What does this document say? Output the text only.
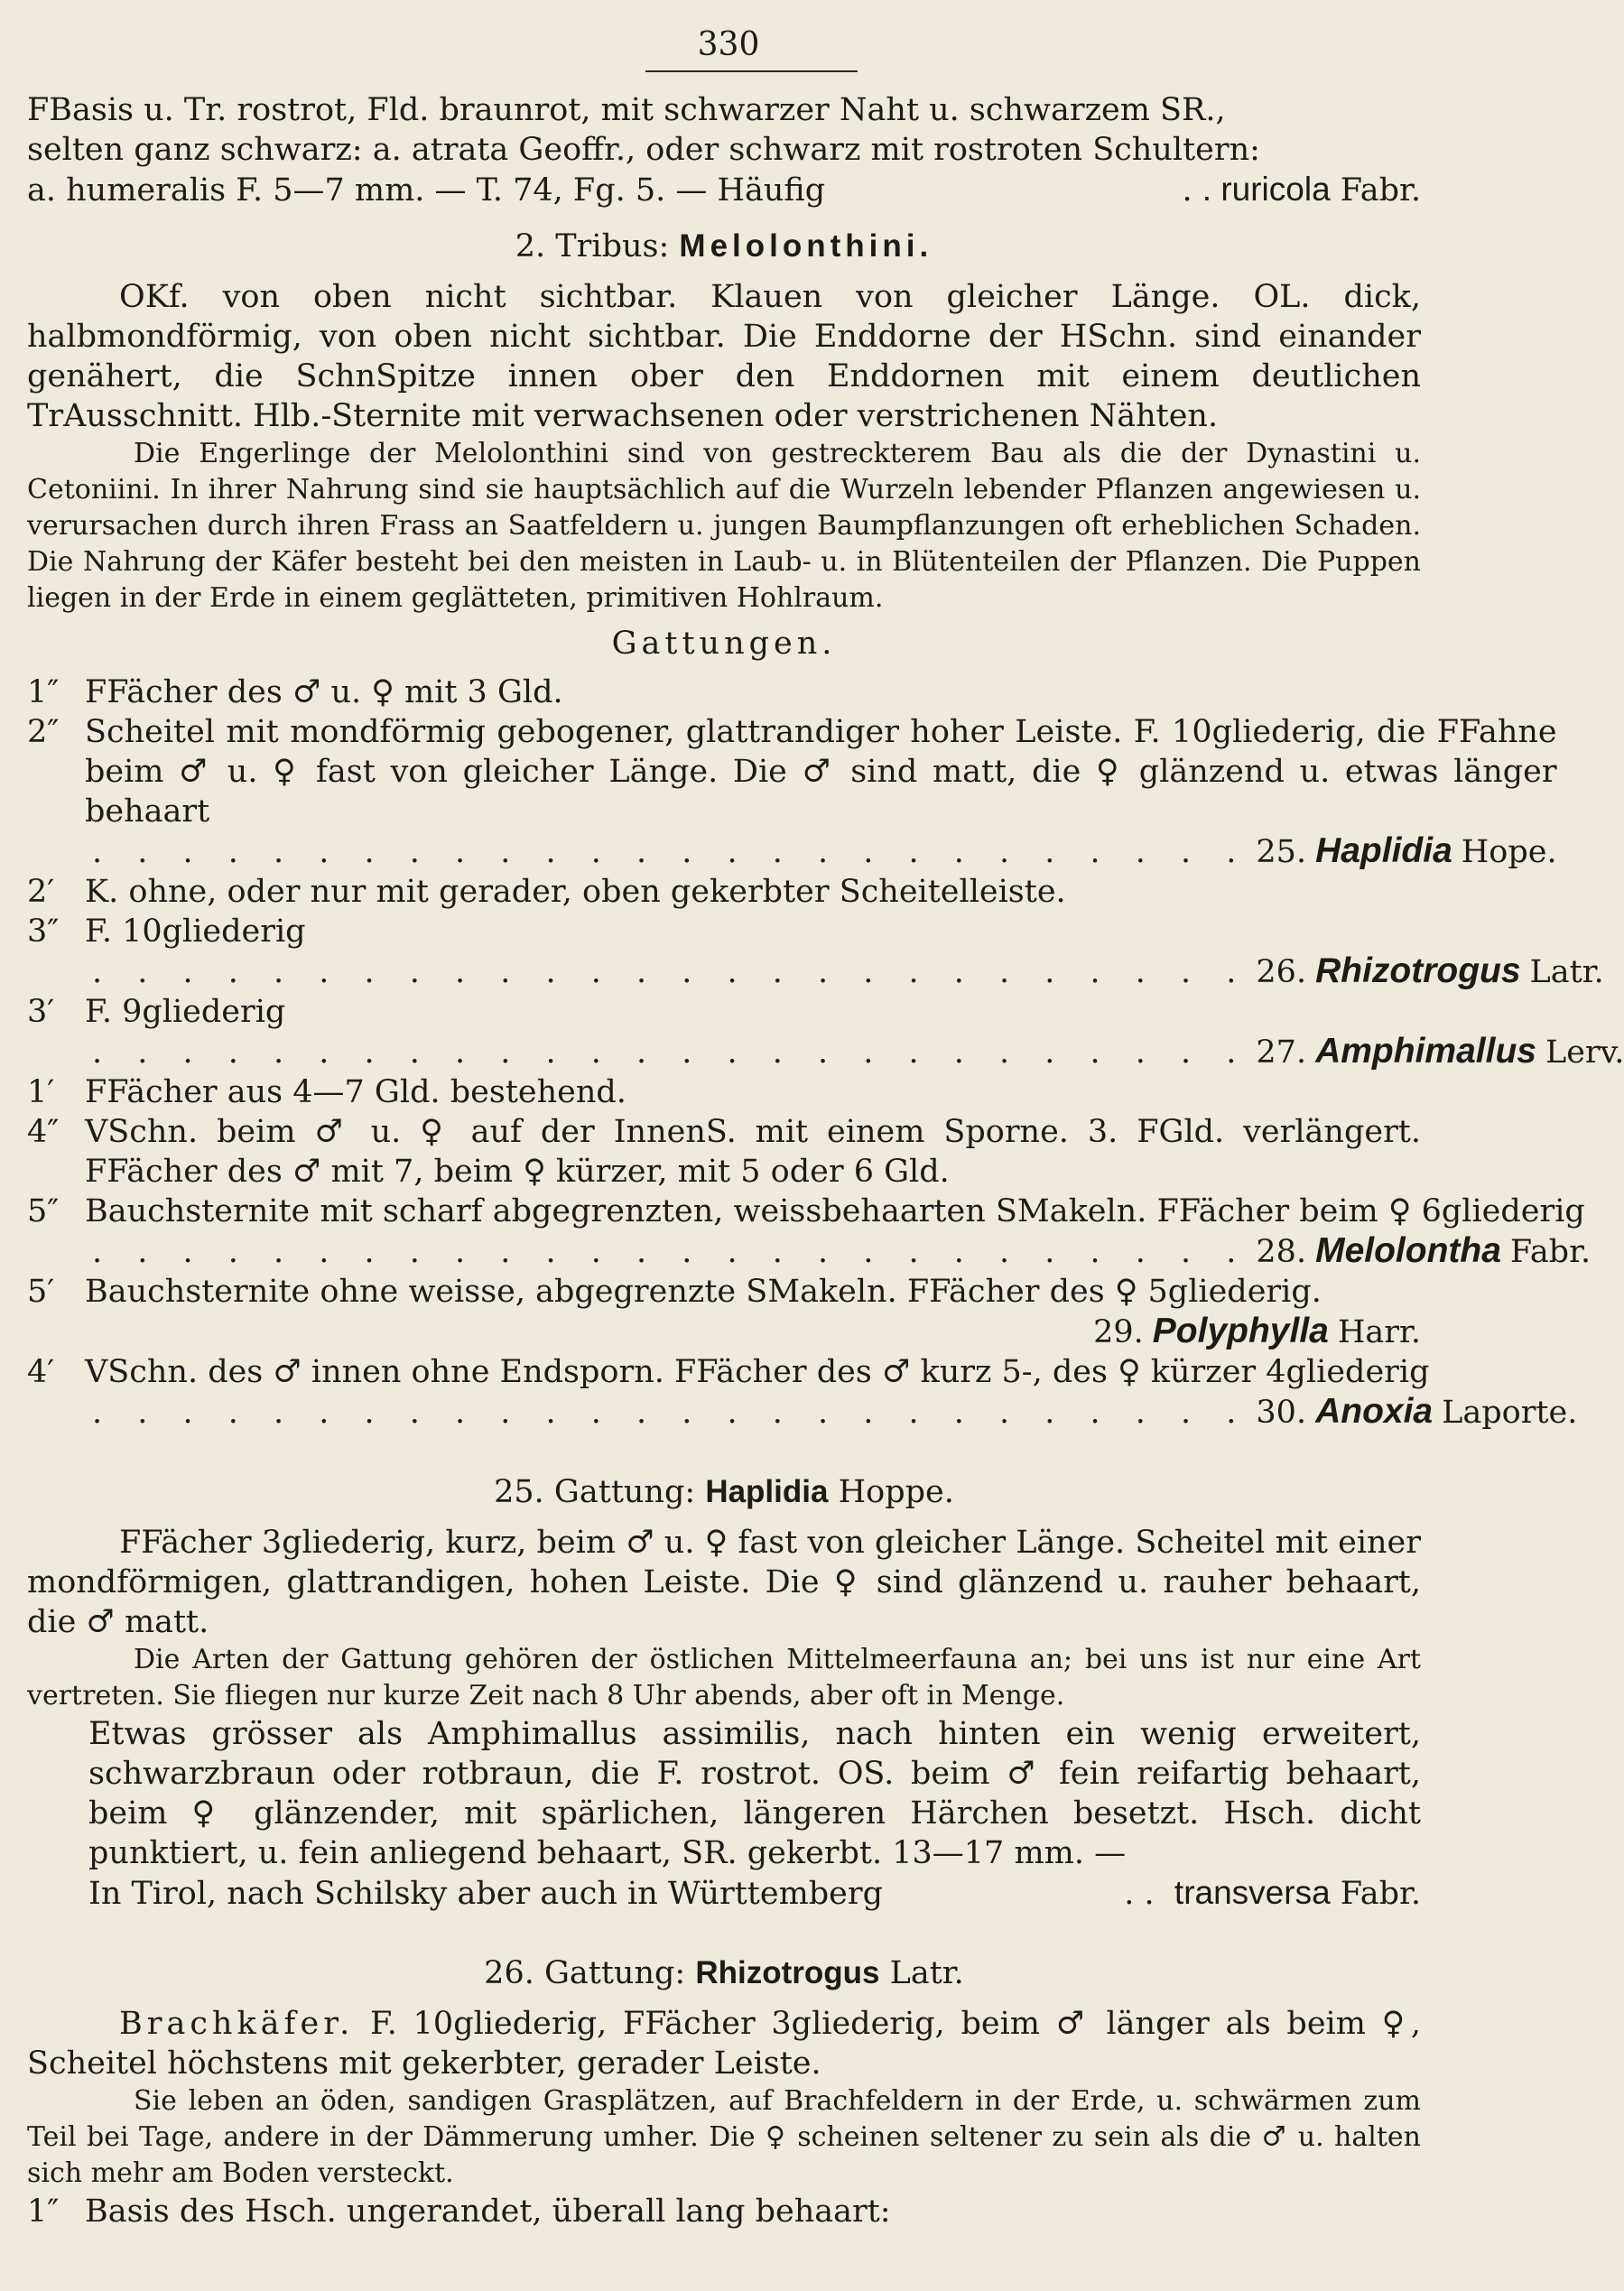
330
FBasis u. Tr. rostrot, Fld. braunrot, mit schwarzer Naht u. schwarzem SR.,
selten ganz schwarz: a. atrata Geoffr., oder schwarz mit rostroten Schultern:
a. humeralis F. 5—7 mm. — T. 74, Fg. 5. — Häufig	. . ruricola
Fabr.
2. Tribus: Melolonthini.
OKf. von oben nicht sichtbar. Klauen von gleicher Länge. OL. dick, halbmondförmig, von oben nicht sichtbar. Die Enddorne der HSchn. sind einander genähert, die SchnSpitze innen ober den Enddornen mit einem deutlichen TrAusschnitt. Hlb.-Sternite mit verwachsenen oder verstrichenen Nähten.
Die Engerlinge der Melolonthini sind von gestreckterem Bau als die der Dynastini u. Cetoniini. In ihrer Nahrung sind sie hauptsächlich auf die Wurzeln lebender Pflanzen angewiesen u. verursachen durch ihren Frass an Saatfeldern u. jungen Baumpflanzungen oft erheblichen Schaden. Die Nahrung der Käfer besteht bei den meisten in Laub- u. in Blütenteilen der Pflanzen. Die Puppen liegen in der Erde in einem geglätteten, primitiven Hohlraum.
Gattungen.
1″ FFächer des ♂ u. ♀ mit 3 Gld.
2″ Scheitel mit mondförmig gebogener, glattrandiger hoher Leiste. F. 10gliederig, die FFahne beim ♂ u. ♀ fast von gleicher Länge. Die ♂ sind matt, die ♀ glänzend u. etwas länger behaart
. . . . . . . . . . . . . . . . . . . . . . . . . . 25. Haplidia Hope.
2′ K. ohne, oder nur mit gerader, oben gekerbter Scheitelleiste.
3″ F. 10gliederig
. . . . . . . . . . . . . . . . . . . . . . . . . . 26. Rhizotrogus Latr.
3′ F. 9gliederig
. . . . . . . . . . . . . . . . . . . . . . . . . . 27. Amphimallus Lerv.
1′ FFächer aus 4—7 Gld. bestehend.
4″ VSchn. beim ♂ u. ♀ auf der InnenS. mit einem Sporne. 3. FGld. verlängert. FFächer des ♂ mit 7, beim ♀ kürzer, mit 5 oder 6 Gld.
5″ Bauchsternite mit scharf abgegrenzten, weissbehaarten SMakeln. FFächer beim ♀ 6gliederig
. . . . . . . . . . . . . . . . . . . . . . . . . . 28. Melolontha Fabr.
5′ Bauchsternite ohne weisse, abgegrenzte SMakeln. FFächer des ♀ 5gliederig.
29. Polyphylla Harr.
4′ VSchn. des ♂ innen ohne Endsporn. FFächer des ♂ kurz 5-, des ♀ kürzer 4gliederig
. . . . . . . . . . . . . . . . . . . . . . . . . . 30. Anoxia Laporte.
25. Gattung: Haplidia Hoppe.
FFächer 3gliederig, kurz, beim ♂ u. ♀ fast von gleicher Länge. Scheitel mit einer mondförmigen, glattrandigen, hohen Leiste. Die ♀ sind glänzend u. rauher behaart, die ♂ matt.
Die Arten der Gattung gehören der östlichen Mittelmeerfauna an; bei uns ist nur eine Art vertreten. Sie fliegen nur kurze Zeit nach 8 Uhr abends, aber oft in Menge.
Etwas grösser als Amphimallus assimilis, nach hinten ein wenig erweitert, schwarzbraun oder rotbraun, die F. rostrot. OS. beim ♂ fein reifartig behaart, beim ♀ glänzender, mit spärlichen, längeren Härchen besetzt. Hsch. dicht punktiert, u. fein anliegend behaart, SR. gekerbt. 13—17 mm. —
In Tirol, nach Schilsky aber auch in Württemberg	. . transversa
Fabr.
26. Gattung: Rhizotrogus Latr.
Brachkäfer. F. 10gliederig, FFächer 3gliederig, beim ♂ länger als beim ♀, Scheitel höchstens mit gekerbter, gerader Leiste.
Sie leben an öden, sandigen Grasplätzen, auf Brachfeldern in der Erde, u. schwärmen zum Teil bei Tage, andere in der Dämmerung umher. Die ♀ scheinen seltener zu sein als die ♂ u. halten sich mehr am Boden versteckt.
1″ Basis des Hsch. ungerandet, überall lang behaart:
